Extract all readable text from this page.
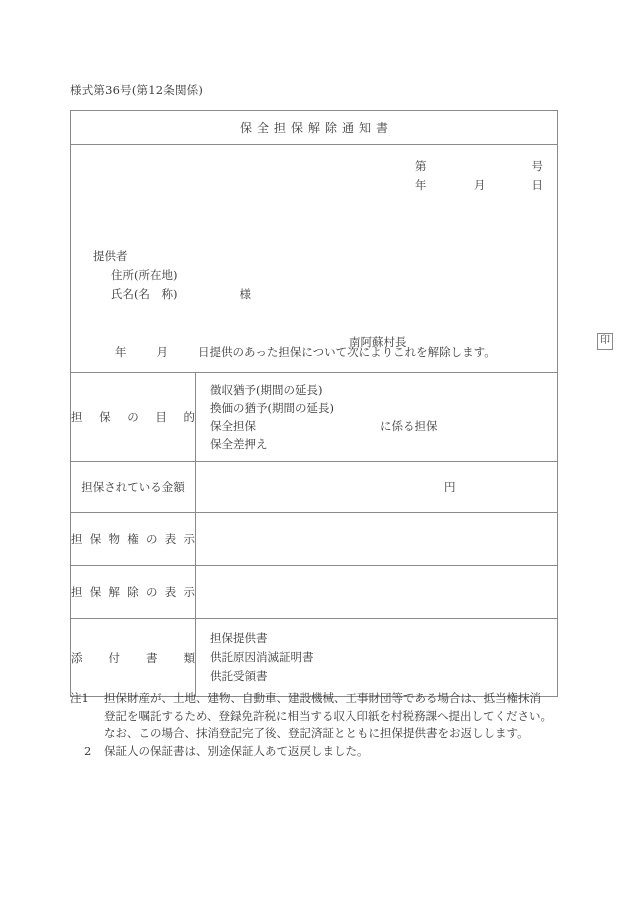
様式第36号(第12条関係)
保全担保解除通知書	

第	号
年	月	日
提供者
住所(所在地)
氏名(名　称)	様
南阿蘇村長	印
年	月	日提供のあった担保について次によりこれを解除します。

担保の目的	徴収猶予(期間の延長)
換価の猶予(期間の延長)
保全担保 に係る担保
保全差押え

担保されている金額	円

担保物権の表示	

担保解除の表示	

添付書類	担保提供書
供託原因消滅証明書
供託受領書
注1	担保財産が、土地、建物、自動車、建設機械、工事財団等である場合は、抵当権抹消
登記を嘱託するため、登録免許税に相当する収入印紙を村税務課へ提出してください。
なお、この場合、抹消登記完了後、登記済証とともに担保提供書をお返しします。
2	保証人の保証書は、別途保証人あて返戻しました。
